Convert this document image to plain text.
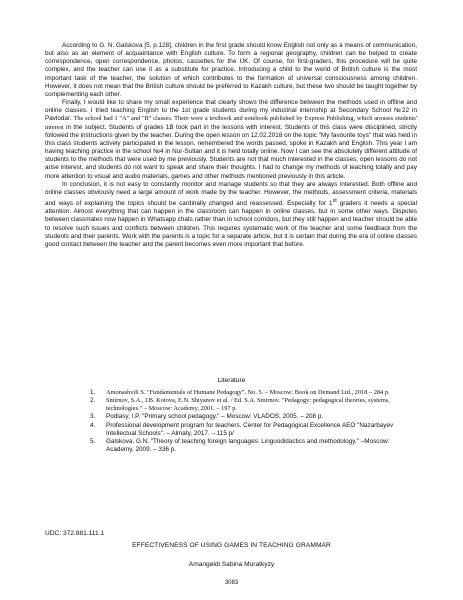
According to G. N. Galskova [5, p.128], children in the first grade should know English not only as a means of communication, but also as an element of acquaintance with English culture. To form a regional geography, children can be helped to create correspondence, open correspondence, photos, cassettes for the UK. Of course, for first-graders, this procedure will be quite complex, and the teacher can use it as a substitute for practice. Introducing a child to the world of British culture is the most important task of the teacher, the solution of which contributes to the formation of universal consciousness among children. However, it does not mean that the British culture should be preferred to Kazakh culture, but these two should be taught together by complementing each other.

Finally, I would like to share my small experience that clearly shows the difference between the methods used in offline and online classes. I tried teaching English to the 1st grade students during my industrial internship at Secondary School №22 in Pavlodar. The school had 1 "A" and "B" classes. There were a textbook and notebook published by Express Publishing, which arouses students' interest in the subject. Students of grades 1B took part in the lessons with interest. Students of this class were disciplined, strictly followed the instructions given by the teacher. During the open lesson on 12.02.2018 on the topic "My favourite toys" that was held in this class students actively participated in the lesson, remembered the words passed, spoke in Kazakh and English. This year I am having teaching practice in the school №4 in Nur-Sultan and it is held totally online. Now I can see the absolutely different attitude of students to the methods that were used by me previously. Students are not that much interested in the classes, open lessons do not arise interest, and students do not want to speak and share their thoughts. I had to change my methods of teaching totally and pay more attention to visual and audio materials, games and other methods mentioned previously in this article.

In conclusion, it is not easy to constantly monitor and manage students so that they are always interested. Both offline and online classes obviously need a large amount of work made by the teacher. However, the methods, assessment criteria, materials and ways of explaining the topics should be cardinally changed and reassessed. Especially for 1st graders it needs a special attention. Almost everything that can happen in the classroom can happen in online classes, but in some other ways. Disputes between classmates now happen in Whatsapp chats rather than in school corridors, but they still happen and teacher should be able to resolve such issues and conflicts between children. This requires systematic work of the teacher and some feedback from the students and their parents. Work with the parents is a topic for a separate article, but it is certain that during the era of online classes good contact between the teacher and the parent becomes even more important that before.

Literature
1. Amonashvili S. "Fundamentals of Humane Pedagogy". No. 5. – Moscow: Book on Demand Ltd., 2018 – 284 p.
2. Smirnov, S.A., I.B. Kotova, E.N. Shiyanov et al. / Ed. S.A. Smirnov. "Pedagogy: pedagogical theories, systems, technologies." – Moscow: Academy, 2001. – 197 p.
3. Podlasy, I.P. "Primary school pedagogy." – Moscow: VLADOS, 2005. – 208 p.
4. Professional development program for teachers. Center for Pedagogical Excellence AEO "Nazarbayev Intellectual Schools". – Almaty, 2017. – 115 p/
5. Galskova, G.N. "Theory of teaching foreign languages: Linguodidactics and methodology." –Moscow: Academy, 2009. – 336 p.
UDC: 372.881.111.1
EFFECTIVENESS OF USING GAMES IN TEACHING GRAMMAR
Amangeldi Sabina Muratkyzy
3083
